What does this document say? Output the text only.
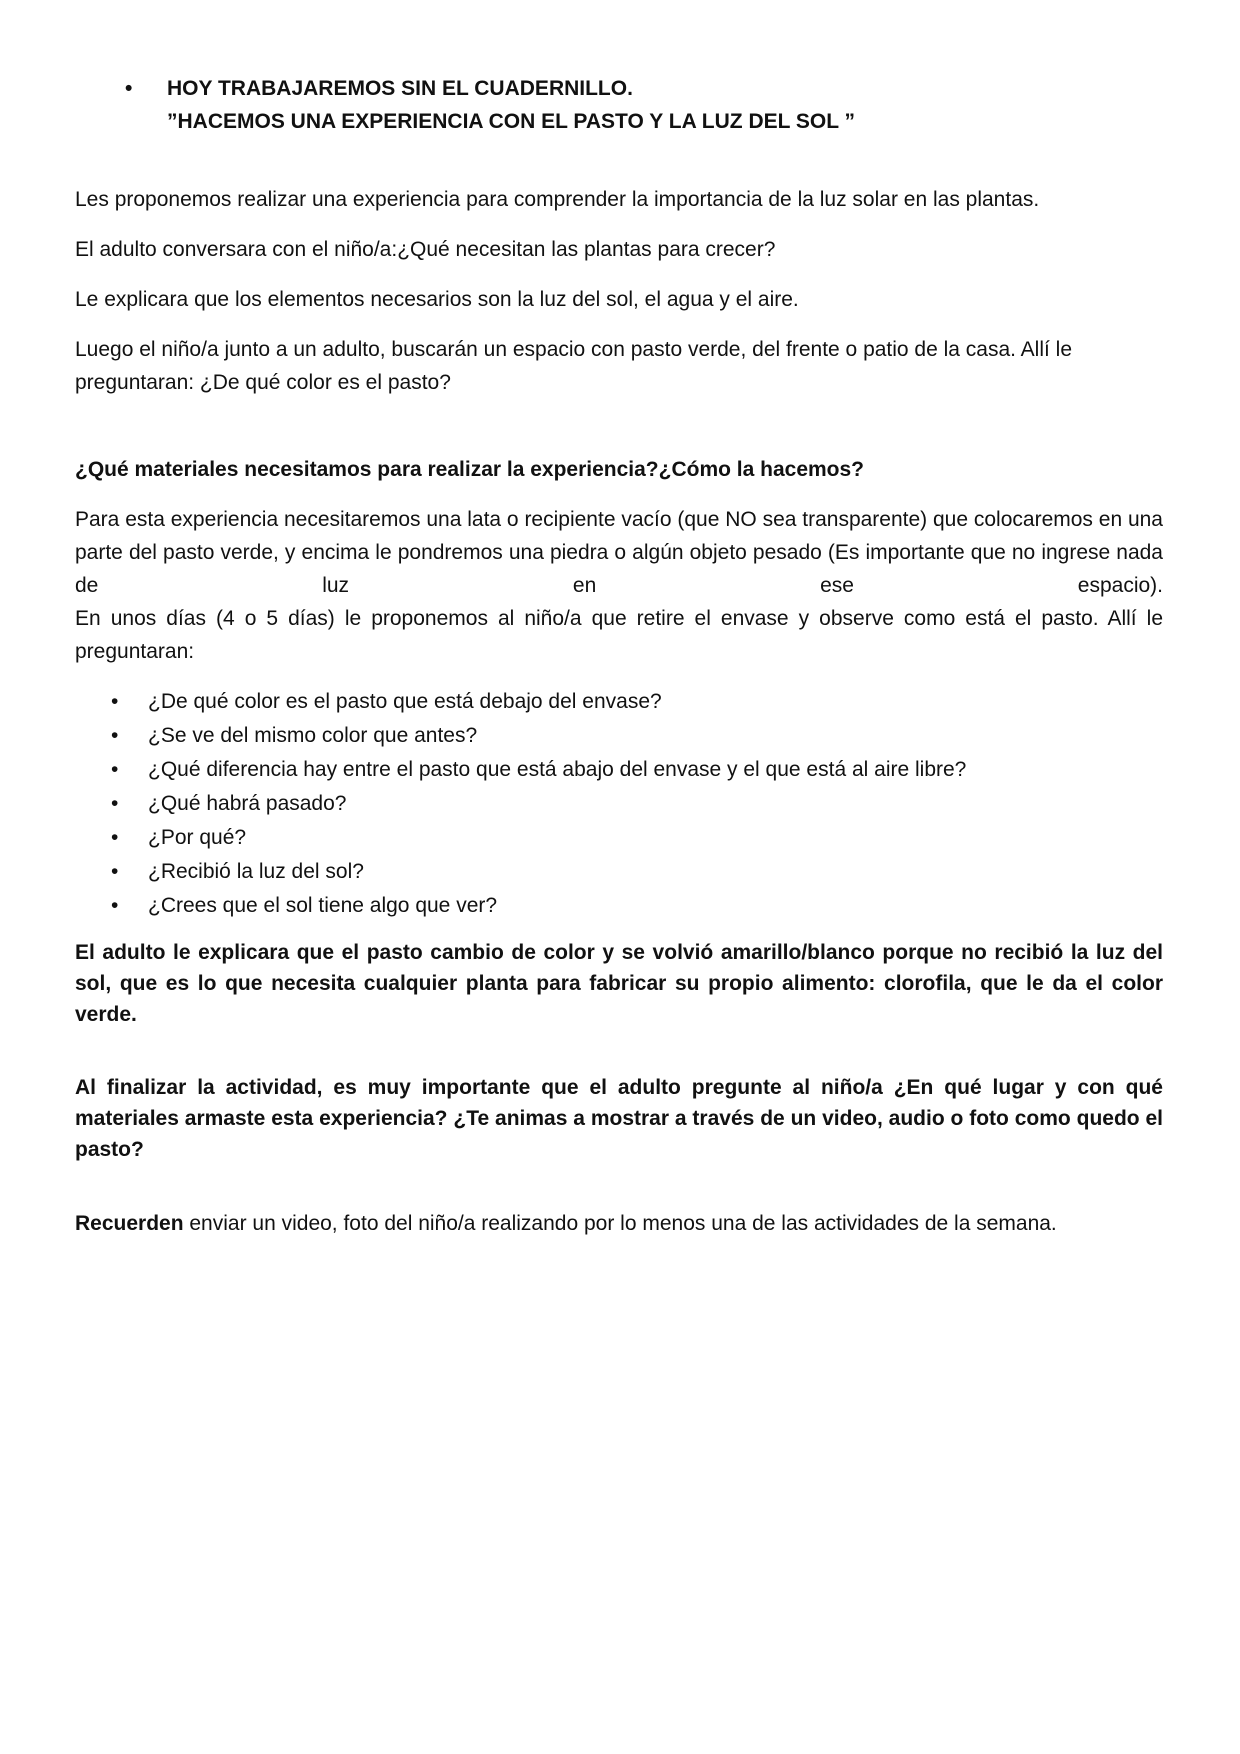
• HOY TRABAJAREMOS SIN EL CUADERNILLO.
”HACEMOS UNA EXPERIENCIA CON EL PASTO Y LA LUZ DEL SOL ”

Les proponemos realizar una experiencia para comprender la importancia de la luz solar en las plantas.

El adulto conversara con el niño/a:¿Qué necesitan las plantas para crecer?

Le explicara que los elementos necesarios son la luz del sol, el agua y el aire.

Luego el niño/a junto a un adulto, buscarán un espacio con pasto verde, del frente o patio de la casa. Allí le preguntaran: ¿De qué color es el pasto?

¿Qué materiales necesitamos para realizar la experiencia?¿Cómo la hacemos?

Para esta experiencia necesitaremos una lata o recipiente vacío (que NO sea transparente) que colocaremos en una parte del pasto verde, y encima le pondremos una piedra o algún objeto pesado (Es importante que no ingrese nada de luz en ese espacio).

En unos días (4 o 5 días) le proponemos al niño/a que retire el envase y observe como está el pasto. Allí le preguntaran:

• ¿De qué color es el pasto que está debajo del envase?
• ¿Se ve del mismo color que antes?
• ¿Qué diferencia hay entre el pasto que está abajo del envase y el que está al aire libre?
• ¿Qué habrá pasado?
• ¿Por qué?
• ¿Recibió la luz del sol?
• ¿Crees que el sol tiene algo que ver?

El adulto le explicara que el pasto cambio de color y se volvió amarillo/blanco porque no recibió la luz del sol, que es lo que necesita cualquier planta para fabricar su propio alimento: clorofila, que le da el color verde.

Al finalizar la actividad, es muy importante que el adulto pregunte al niño/a ¿En qué lugar y con qué materiales armaste esta experiencia? ¿Te animas a mostrar a través de un video, audio o foto como quedo el pasto?

Recuerden enviar un video, foto del niño/a realizando por lo menos una de las actividades de la semana.
